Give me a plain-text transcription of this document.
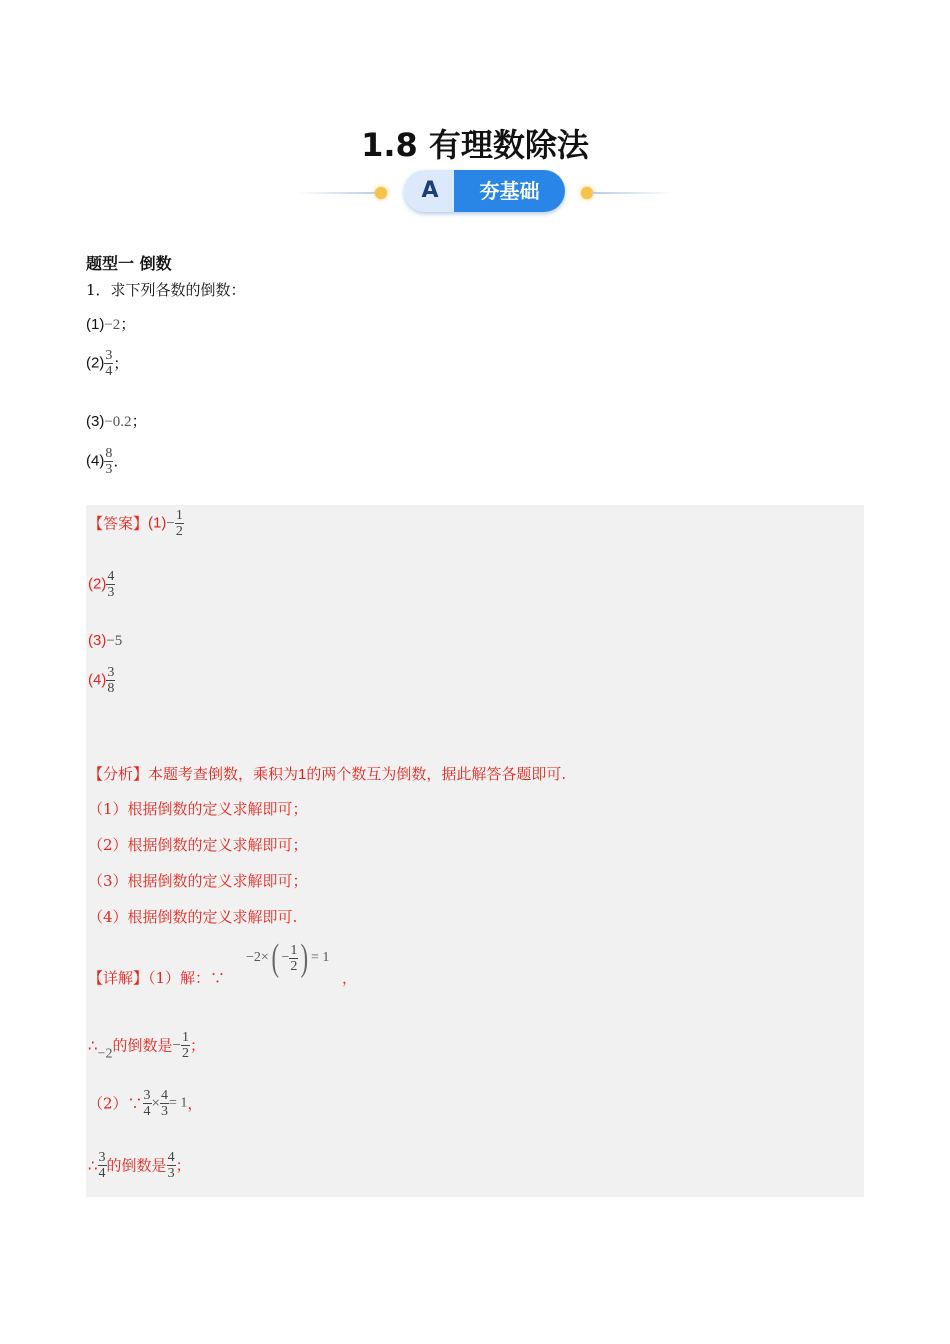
1.8 有理数除法
A	夯基础
题型一 倒数
1．求下列各数的倒数：
(1)−2；
$(2) \frac{3}{4}$ ；
(3)−0.2；
$(4) \frac{8}{3}$ .
【答案】$(1)- \frac{1}{2}$
$(2) \frac{4}{3}$
(3)−5
$(4) \frac{3}{8}$
【分析】本题考查倒数，乘积为1的两个数互为倒数，据此解答各题即可.
（1）根据倒数的定义求解即可；
（2）根据倒数的定义求解即可；
（3）根据倒数的定义求解即可；
（4）根据倒数的定义求解即可.
【详解】（1）解：∵
$-2\times( - \frac{1}{2}$ ) = 1
，
∴−2的倒数是− $\frac{1}{2}$ ；
（2）∵ $\frac{3}{4} \times \frac{4}{3} = 1$，
∴ $\frac{3}{4}$ 的倒数是 $\frac{4}{3}$ ；
